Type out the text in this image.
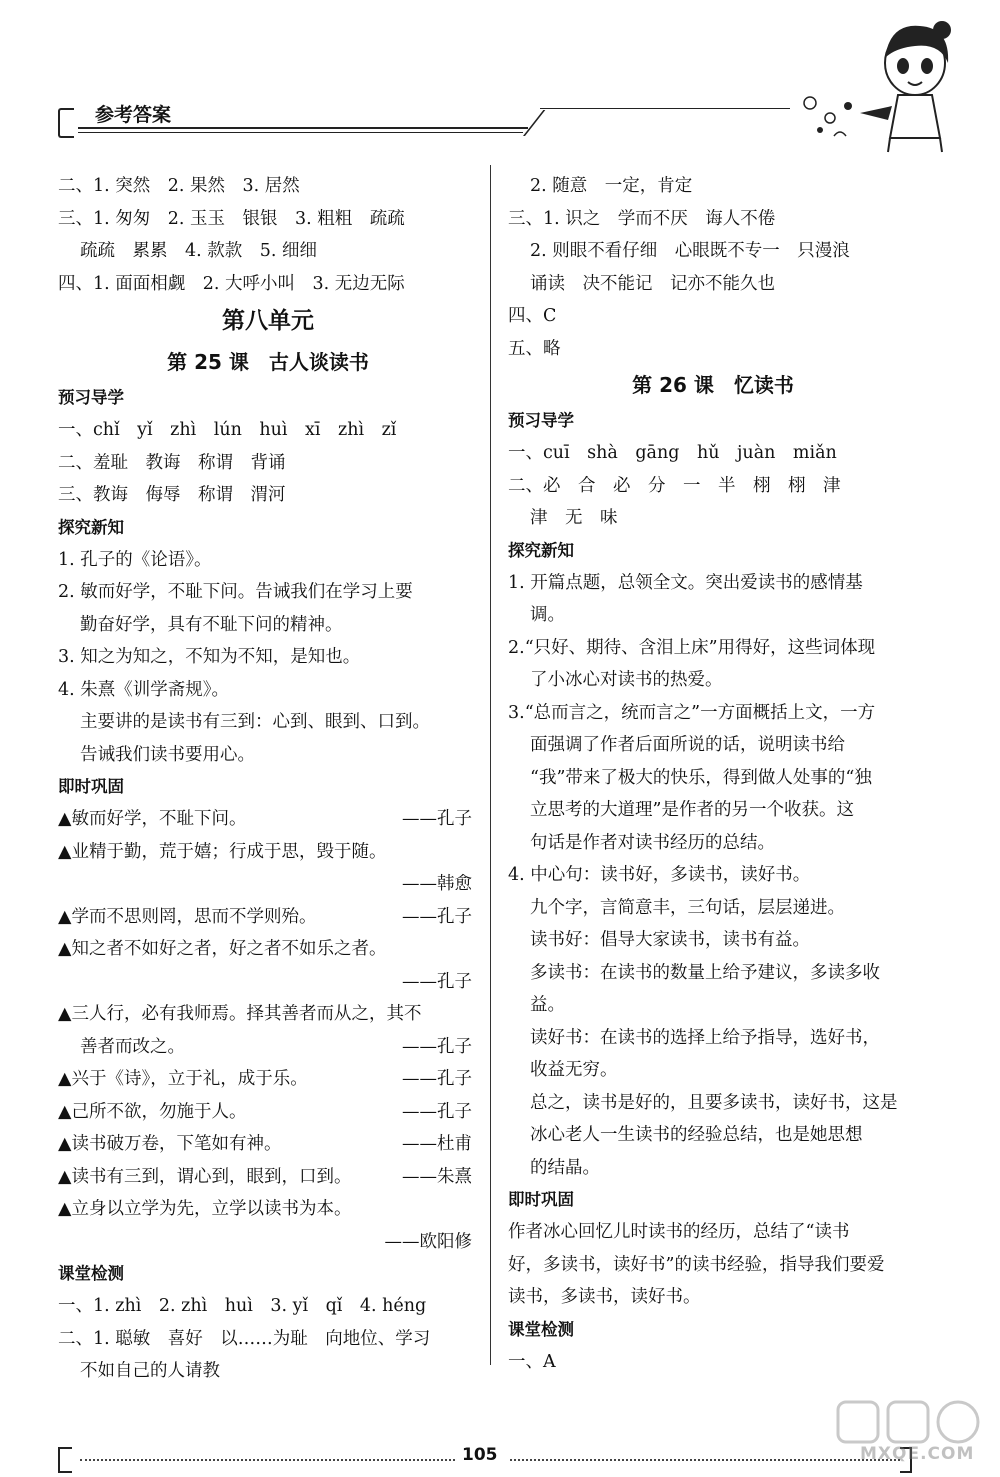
参考答案
二、1. 突然　2. 果然　3. 居然
三、1. 匆匆　2. 玉玉　银银　3. 粗粗　疏疏
疏疏　累累　4. 款款　5. 细细
四、1. 面面相觑　2. 大呼小叫　3. 无边无际
第八单元
第 25 课　古人谈读书
预习导学
一、chǐ　yǐ　zhì　lún　huì　xī　zhì　zǐ
二、羞耻　教诲　称谓　背诵
三、教诲　侮辱　称谓　渭河
探究新知
1. 孔子的《论语》。
2. 敏而好学，不耻下问。告诫我们在学习上要
勤奋好学，具有不耻下问的精神。
3. 知之为知之，不知为不知，是知也。
4. 朱熹《训学斋规》。
主要讲的是读书有三到：心到、眼到、口到。
告诫我们读书要用心。
即时巩固
▲敏而好学，不耻下问。	——孔子
▲业精于勤，荒于嬉；行成于思，毁于随。
——韩愈
▲学而不思则罔，思而不学则殆。	——孔子
▲知之者不如好之者，好之者不如乐之者。
——孔子
▲三人行，必有我师焉。择其善者而从之，其不
善者而改之。	——孔子
▲兴于《诗》，立于礼，成于乐。	——孔子
▲己所不欲，勿施于人。	——孔子
▲读书破万卷，下笔如有神。	——杜甫
▲读书有三到，谓心到，眼到，口到。	——朱熹
▲立身以立学为先，立学以读书为本。
——欧阳修
课堂检测
一、1. zhì　2. zhì　huì　3. yǐ　qǐ　4. héng
二、1. 聪敏　喜好　以……为耻　向地位、学习
不如自己的人请教
2. 随意　一定，肯定
三、1. 识之　学而不厌　诲人不倦
2. 则眼不看仔细　心眼既不专一　只漫浪
诵读　决不能记　记亦不能久也
四、C
五、略
第 26 课　忆读书
预习导学
一、cuī　shà　gāng　hǔ　juàn　miǎn
二、必　合　必　分　一　半　栩　栩　津
津　无　味
探究新知
1. 开篇点题，总领全文。突出爱读书的感情基
调。
2.“只好、期待、含泪上床”用得好，这些词体现
了小冰心对读书的热爱。
3.“总而言之，统而言之”一方面概括上文，一方
面强调了作者后面所说的话，说明读书给
“我”带来了极大的快乐，得到做人处事的“独
立思考的大道理”是作者的另一个收获。这
句话是作者对读书经历的总结。
4. 中心句：读书好，多读书，读好书。
九个字，言简意丰，三句话，层层递进。
读书好：倡导大家读书，读书有益。
多读书：在读书的数量上给予建议，多读多收
益。
读好书：在读书的选择上给予指导，选好书，
收益无穷。
总之，读书是好的，且要多读书，读好书，这是
冰心老人一生读书的经验总结，也是她思想
的结晶。
即时巩固
作者冰心回忆儿时读书的经历，总结了“读书
好，多读书，读好书”的读书经验，指导我们要爱
读书，多读书，读好书。
课堂检测
一、A
105	MXQE.COM
